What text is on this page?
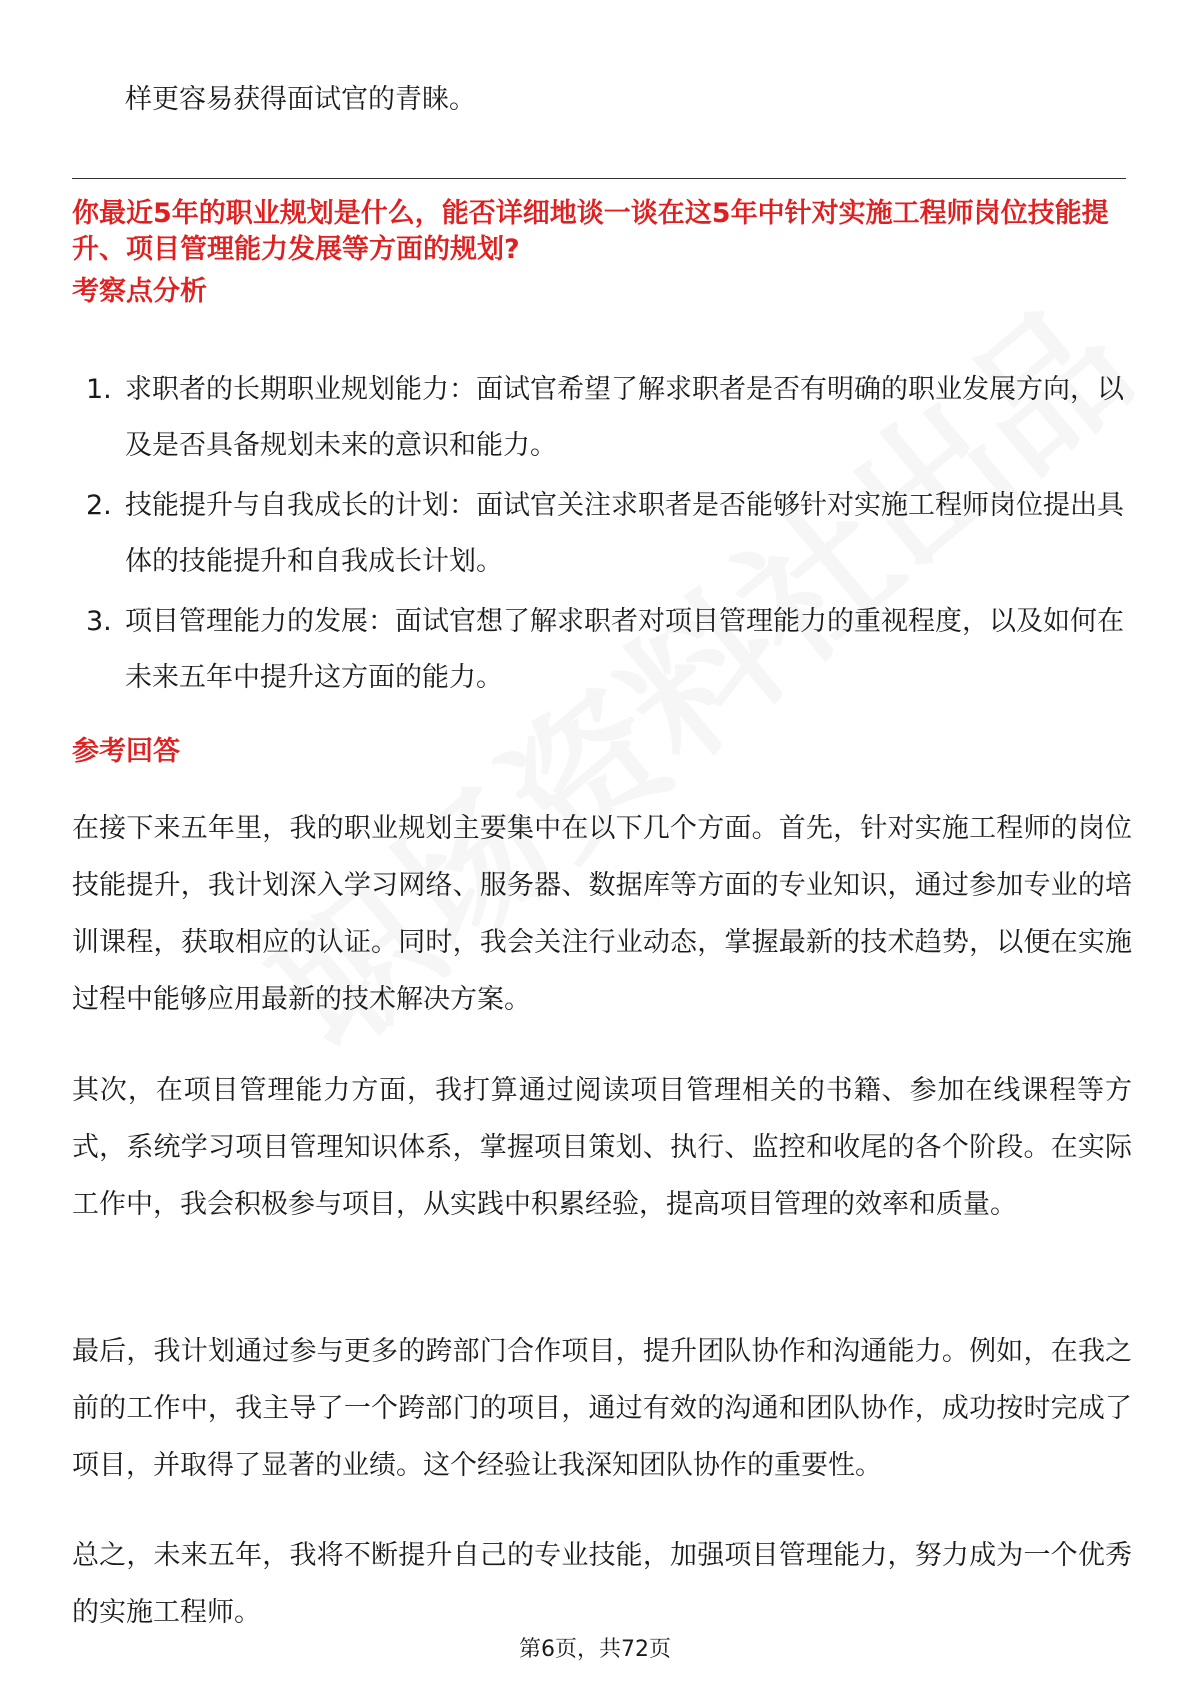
样更容易获得面试官的青睐。

你最近5年的职业规划是什么，能否详细地谈一谈在这5年中针对实施工程师岗位技能提升、项目管理能力发展等方面的规划?

考察点分析
1. 求职者的长期职业规划能力：面试官希望了解求职者是否有明确的职业发展方向，以及是否具备规划未来的意识和能力。
2. 技能提升与自我成长的计划：面试官关注求职者是否能够针对实施工程师岗位提出具体的技能提升和自我成长计划。
3. 项目管理能力的发展：面试官想了解求职者对项目管理能力的重视程度，以及如何在未来五年中提升这方面的能力。
参考回答

在接下来五年里，我的职业规划主要集中在以下几个方面。首先，针对实施工程师的岗位技能提升，我计划深入学习网络、服务器、数据库等方面的专业知识，通过参加专业的培训课程，获取相应的认证。同时，我会关注行业动态，掌握最新的技术趋势，以便在实施过程中能够应用最新的技术解决方案。

其次，在项目管理能力方面，我打算通过阅读项目管理相关的书籍、参加在线课程等方式，系统学习项目管理知识体系，掌握项目策划、执行、监控和收尾的各个阶段。在实际工作中，我会积极参与项目，从实践中积累经验，提高项目管理的效率和质量。

最后，我计划通过参与更多的跨部门合作项目，提升团队协作和沟通能力。例如，在我之前的工作中，我主导了一个跨部门的项目，通过有效的沟通和团队协作，成功按时完成了项目，并取得了显著的业绩。这个经验让我深知团队协作的重要性。

总之，未来五年，我将不断提升自己的专业技能，加强项目管理能力，努力成为一个优秀的实施工程师。

第6页，共72页
